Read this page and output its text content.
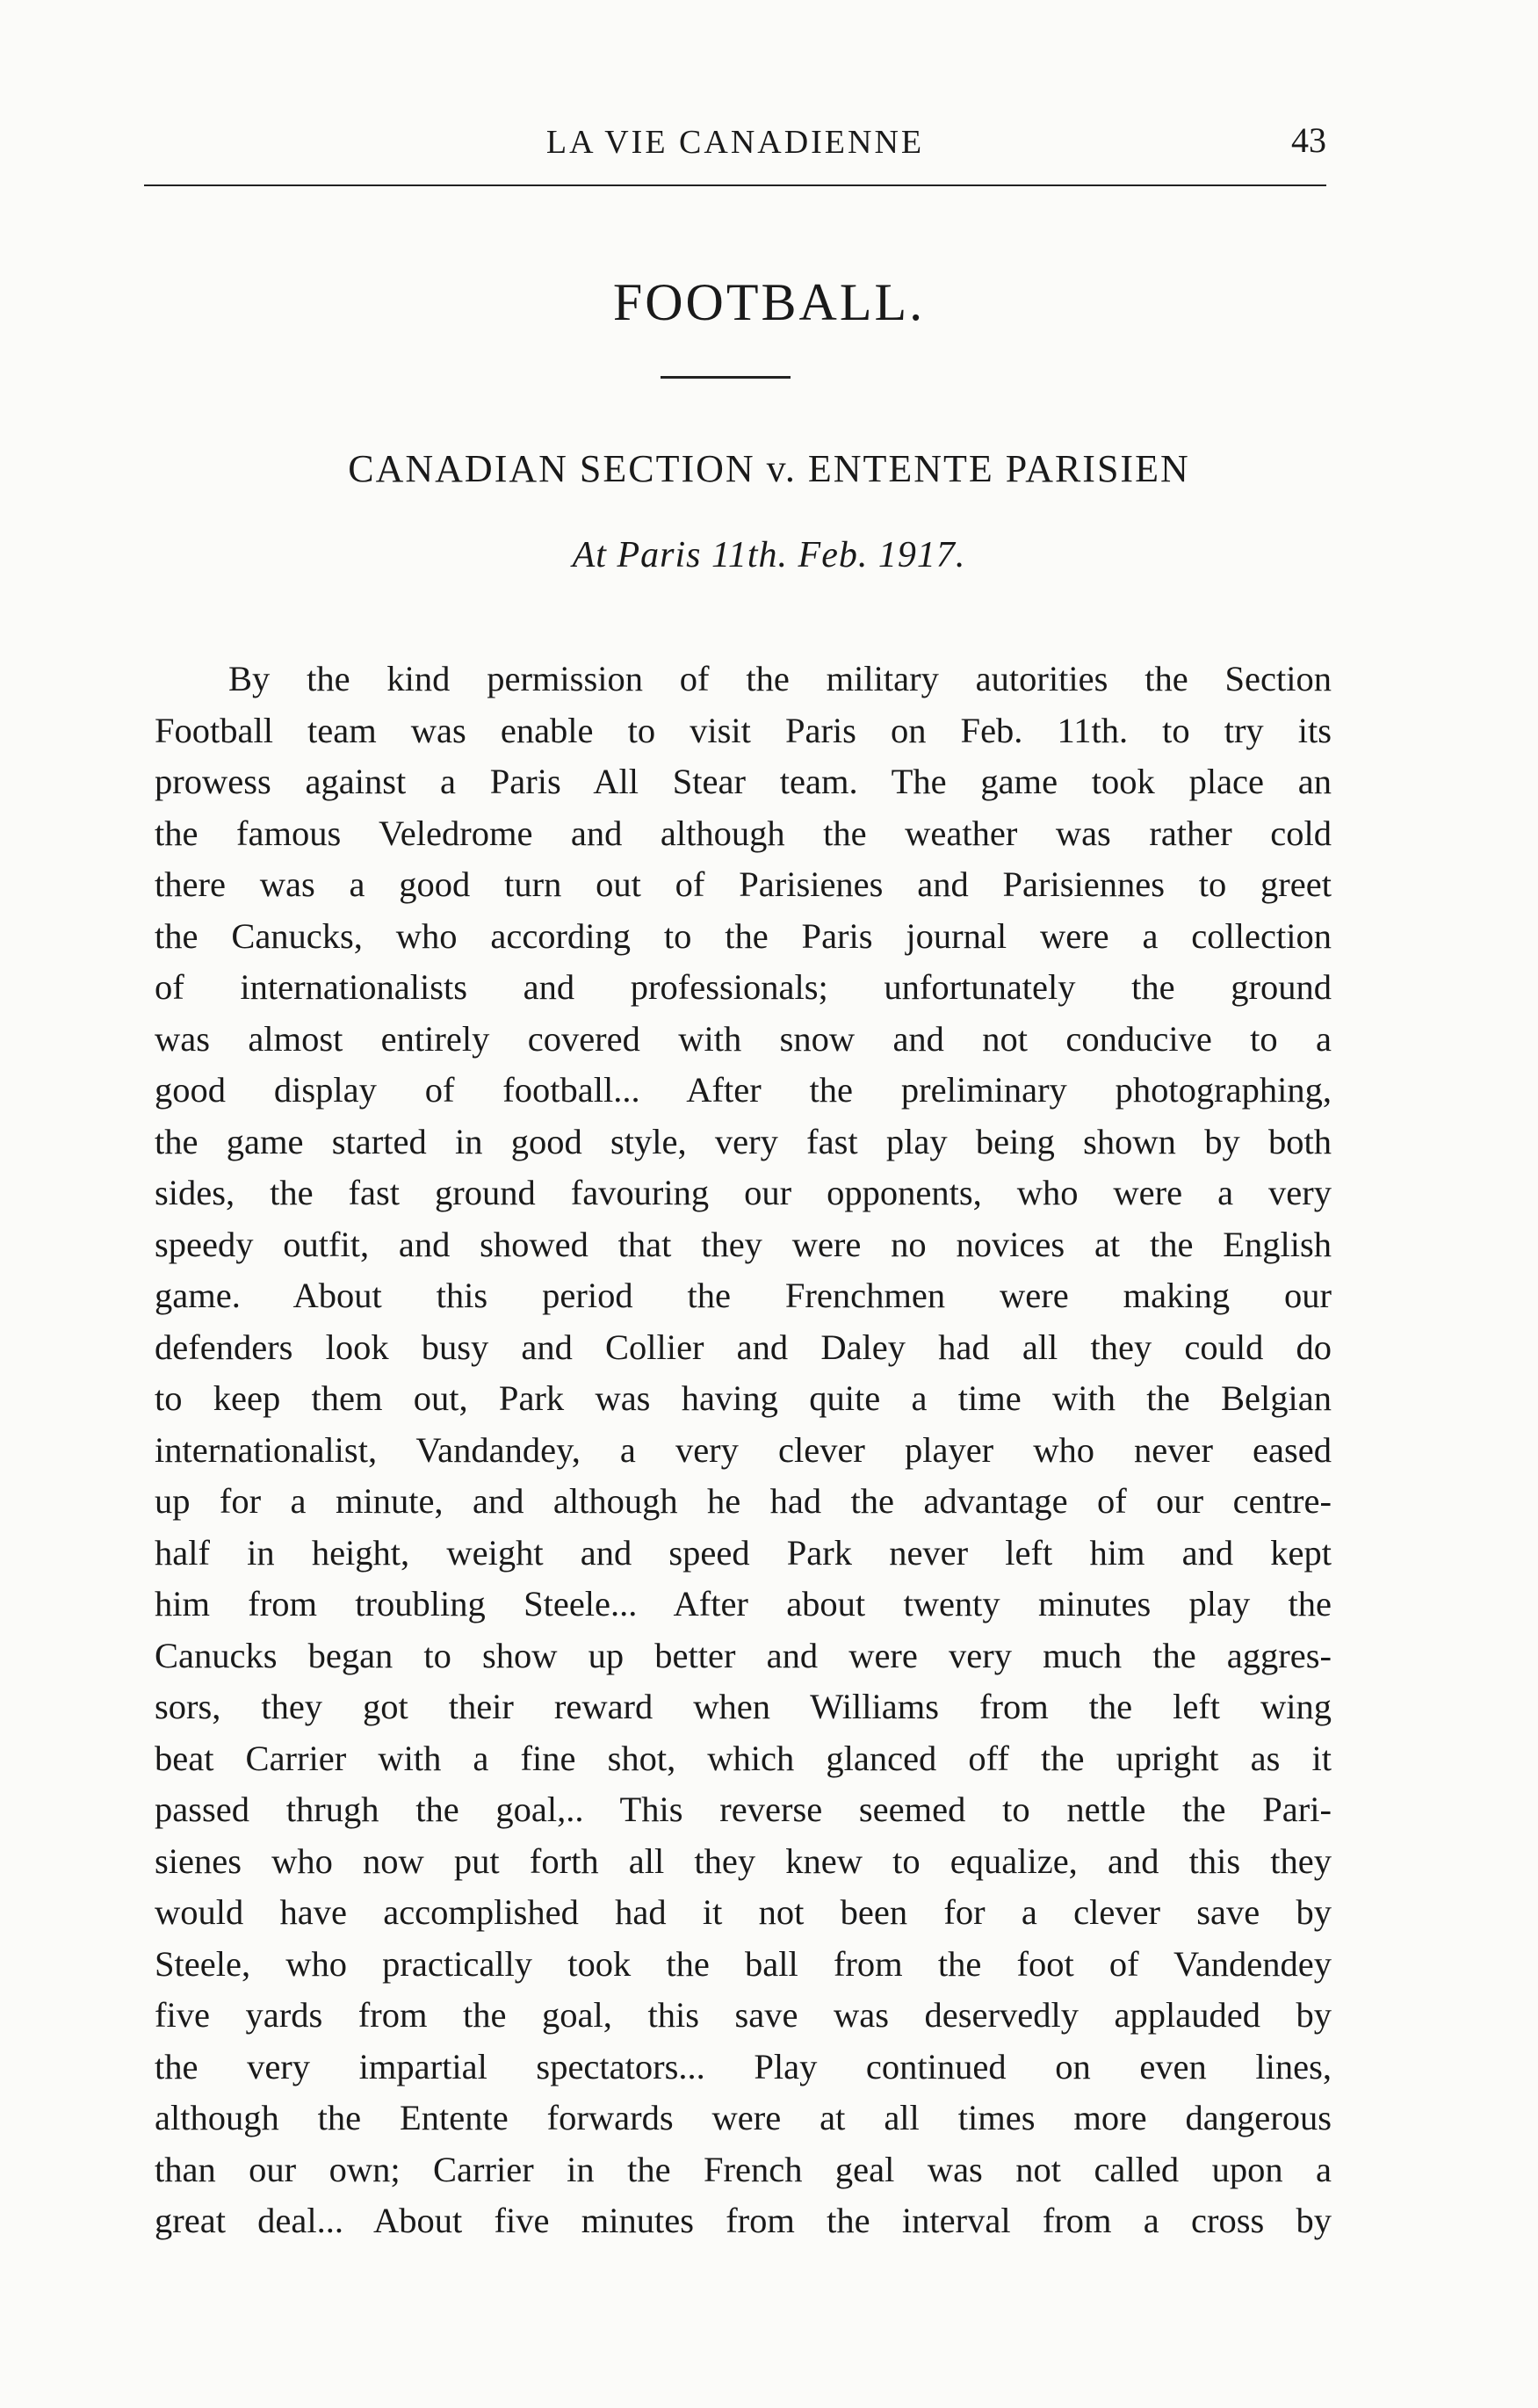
LA VIE CANADIENNE	43
FOOTBALL.
CANADIAN SECTION v. ENTENTE PARISIEN
At Paris 11th. Feb. 1917.
By the kind permission of the military autorities the Section
Football team was enable to visit Paris on Feb. 11th. to try its
prowess against a Paris All Stear team. The game took place an
the famous Veledrome and although the weather was rather cold
there was a good turn out of Parisienes and Parisiennes to greet
the Canucks, who according to the Paris journal were a collection
of internationalists and professionals; unfortunately the ground
was almost entirely covered with snow and not conducive to a
good display of football... After the preliminary photographing,
the game started in good style, very fast play being shown by both
sides, the fast ground favouring our opponents, who were a very
speedy outfit, and showed that they were no novices at the English
game. About this period the Frenchmen were making our
defenders look busy and Collier and Daley had all they could do
to keep them out, Park was having quite a time with the Belgian
internationalist, Vandandey, a very clever player who never eased
up for a minute, and although he had the advantage of our centre-
half in height, weight and speed Park never left him and kept
him from troubling Steele... After about twenty minutes play the
Canucks began to show up better and were very much the aggres-
sors, they got their reward when Williams from the left wing
beat Carrier with a fine shot, which glanced off the upright as it
passed thrugh the goal,.. This reverse seemed to nettle the Pari-
sienes who now put forth all they knew to equalize, and this they
would have accomplished had it not been for a clever save by
Steele, who practically took the ball from the foot of Vandendey
five yards from the goal, this save was deservedly applauded by
the very impartial spectators... Play continued on even lines,
although the Entente forwards were at all times more dangerous
than our own; Carrier in the French geal was not called upon a
great deal... About five minutes from the interval from a cross by
